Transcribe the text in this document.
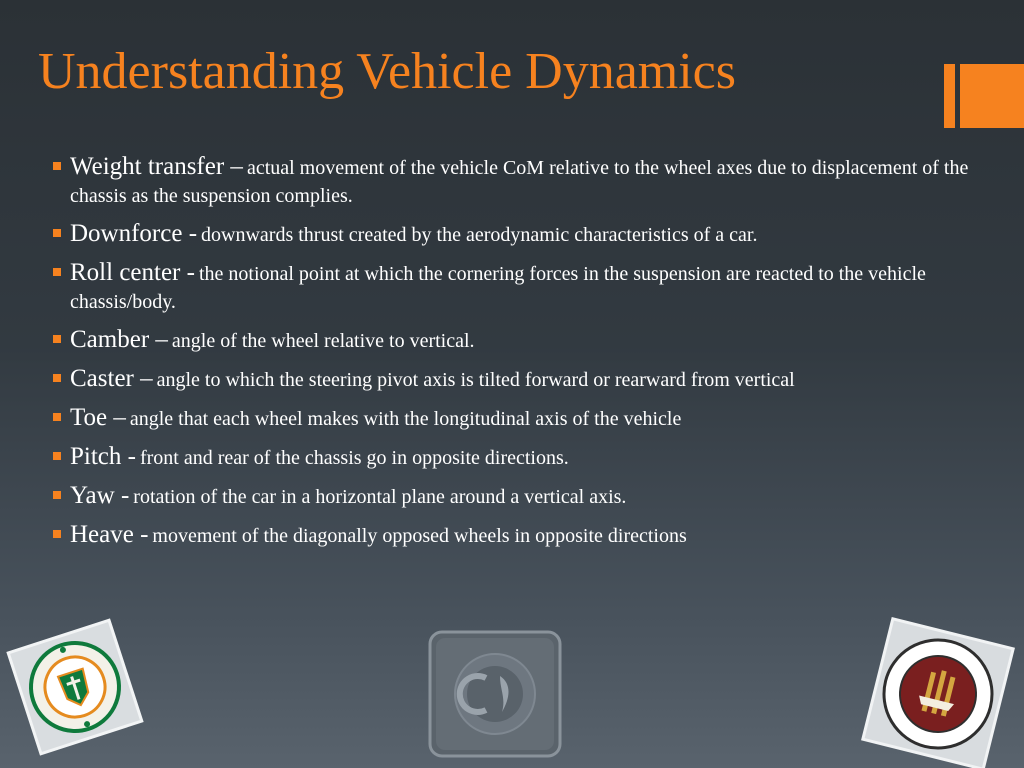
Understanding Vehicle Dynamics
Weight transfer – actual movement of the vehicle CoM relative to the wheel axes due to displacement of the chassis as the suspension complies.
Downforce - downwards thrust created by the aerodynamic characteristics of a car.
Roll center - the notional point at which the cornering forces in the suspension are reacted to the vehicle chassis/body.
Camber – angle of the wheel relative to vertical.
Caster – angle to which the steering pivot axis is tilted forward or rearward from vertical
Toe – angle that each wheel makes with the longitudinal axis of the vehicle
Pitch - front and rear of the chassis go in opposite directions.
Yaw - rotation of the car in a horizontal plane around a vertical axis.
Heave - movement of the diagonally opposed wheels in opposite directions
